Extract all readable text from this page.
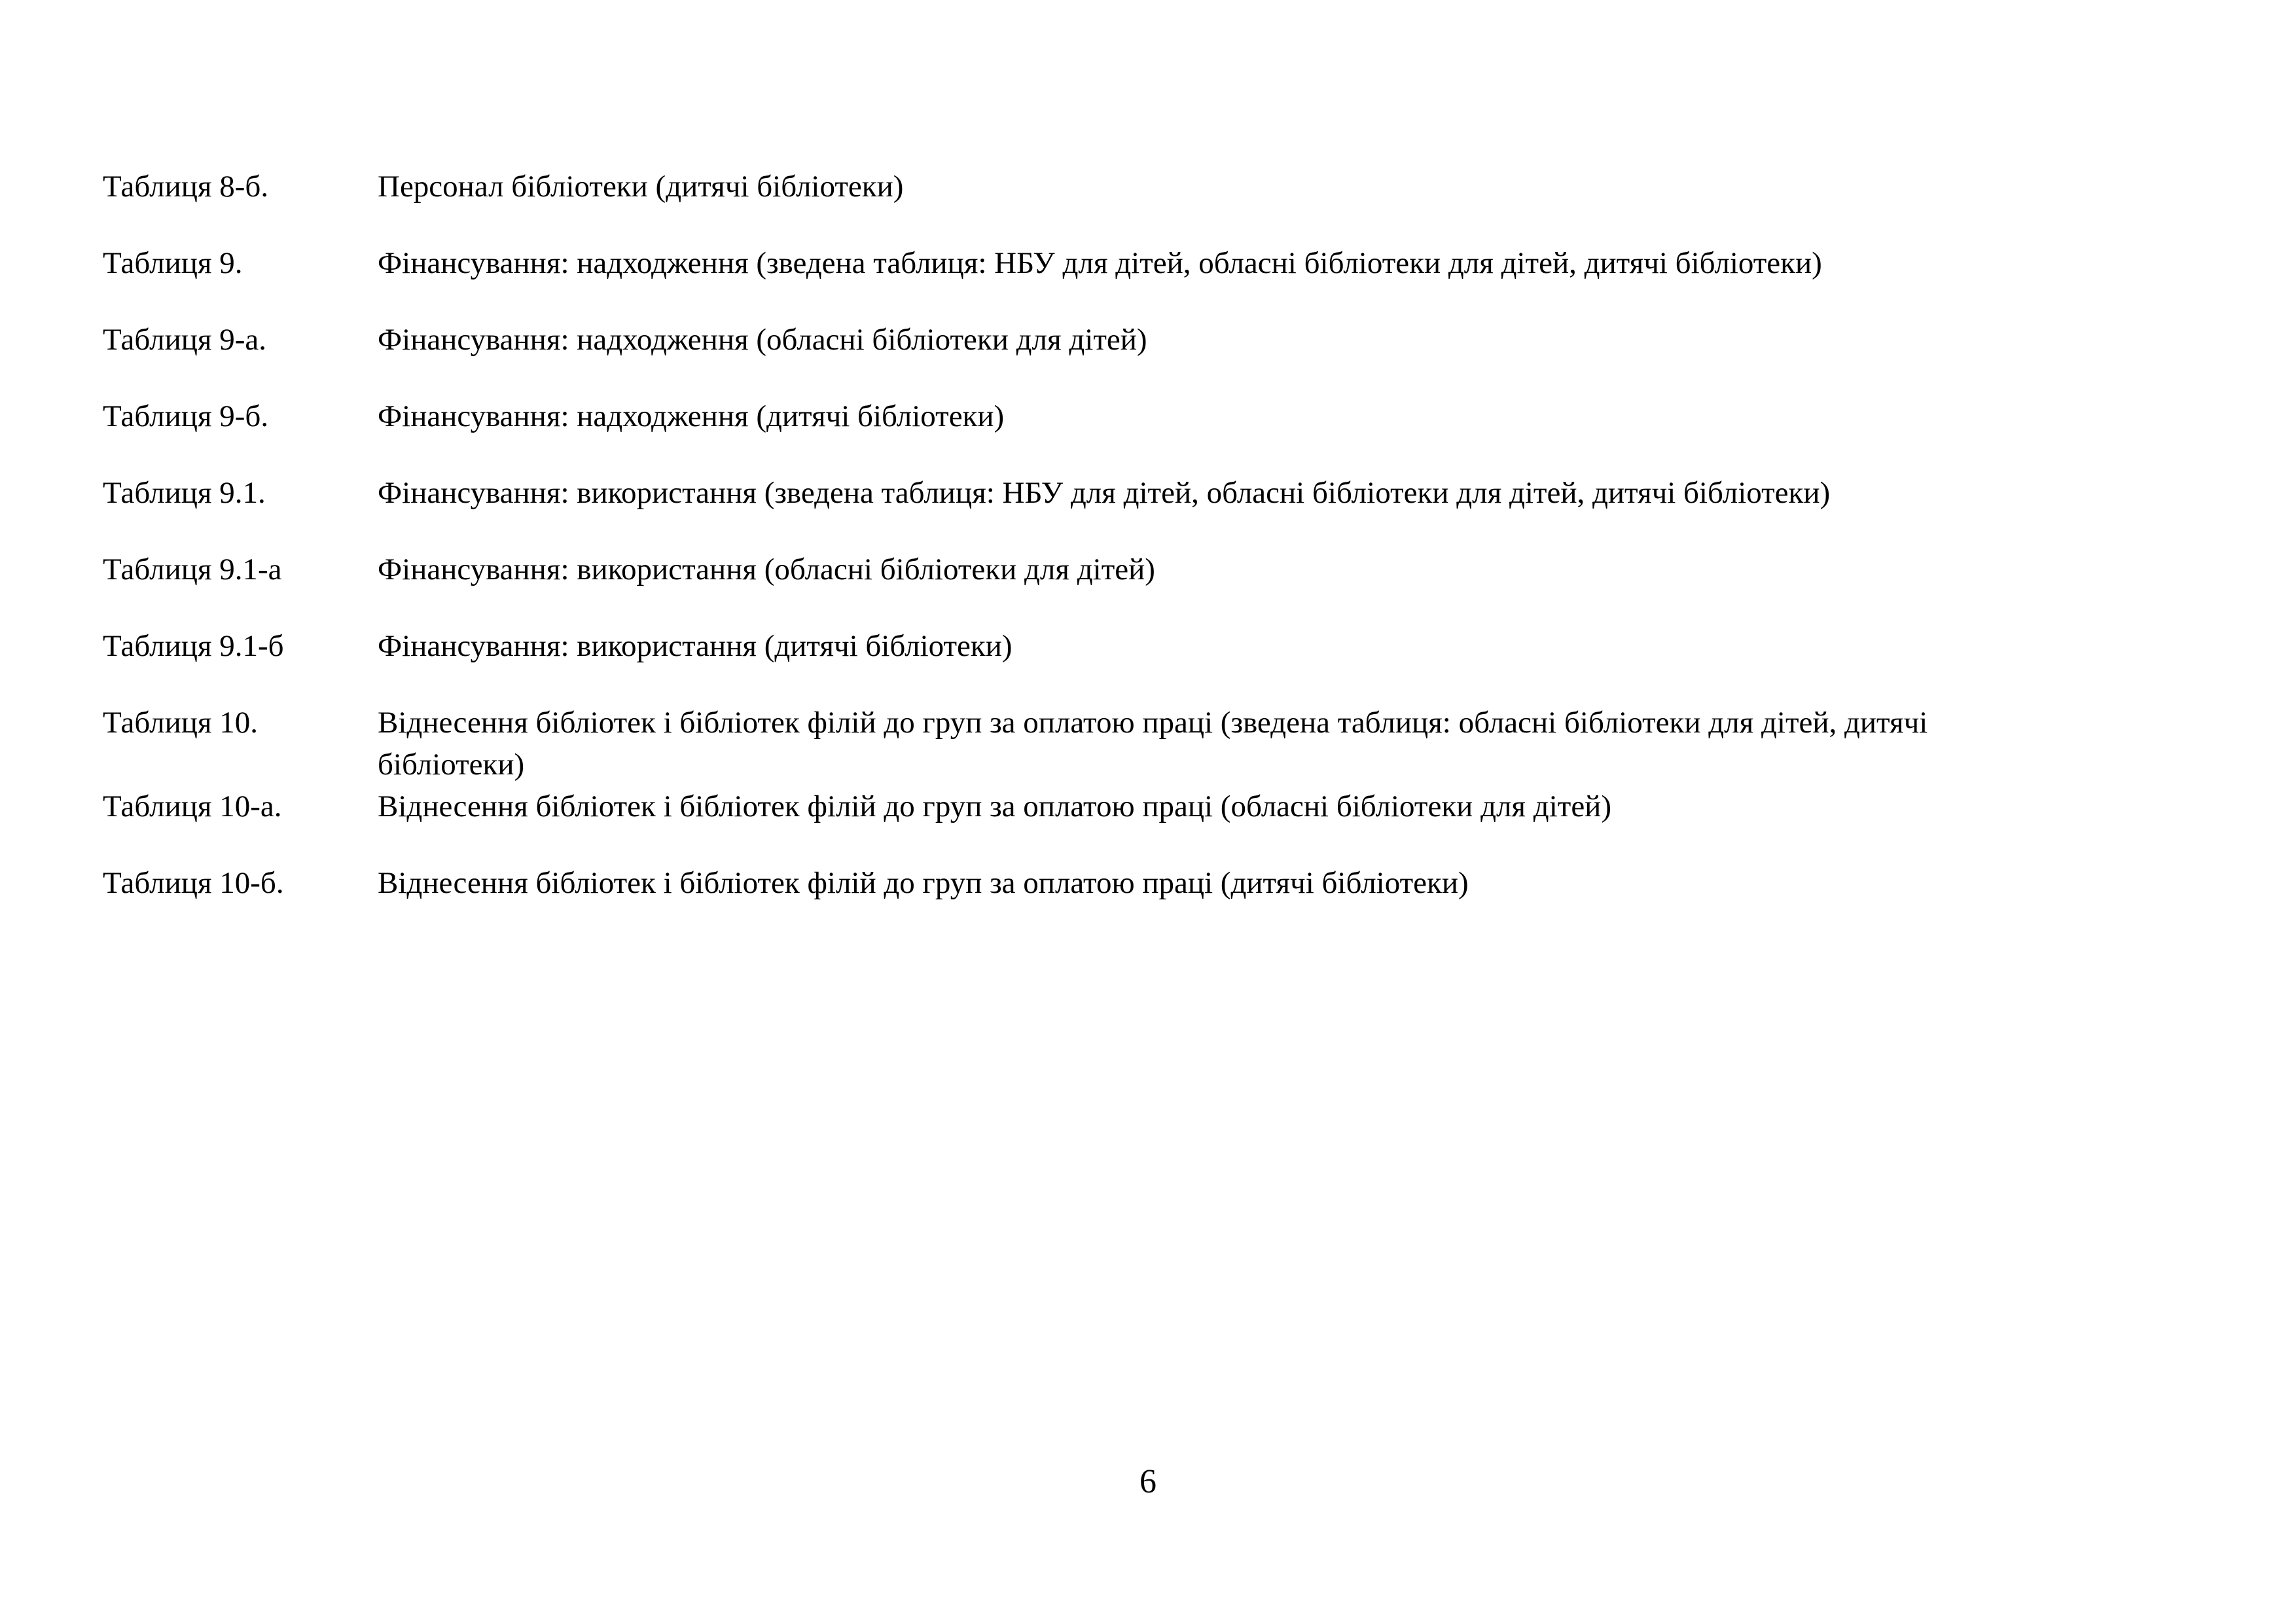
Таблиця 8-б.	Персонал бібліотеки (дитячі бібліотеки)
Таблиця 9.	Фінансування: надходження (зведена таблиця: НБУ для дітей, обласні бібліотеки для дітей, дитячі бібліотеки)
Таблиця 9-а.	Фінансування: надходження (обласні бібліотеки для дітей)
Таблиця 9-б.	Фінансування: надходження (дитячі бібліотеки)
Таблиця 9.1.	Фінансування: використання (зведена таблиця: НБУ для дітей, обласні бібліотеки для дітей, дитячі бібліотеки)
Таблиця 9.1-а	Фінансування: використання (обласні бібліотеки для дітей)
Таблиця 9.1-б	Фінансування: використання (дитячі бібліотеки)
Таблиця 10.	Віднесення бібліотек і бібліотек філій до груп за оплатою праці (зведена таблиця: обласні бібліотеки для дітей, дитячі бібліотеки)
Таблиця 10-а.	Віднесення бібліотек і бібліотек філій до груп за оплатою праці (обласні бібліотеки для дітей)
Таблиця 10-б.	Віднесення бібліотек і бібліотек філій до груп за оплатою праці (дитячі бібліотеки)
6
